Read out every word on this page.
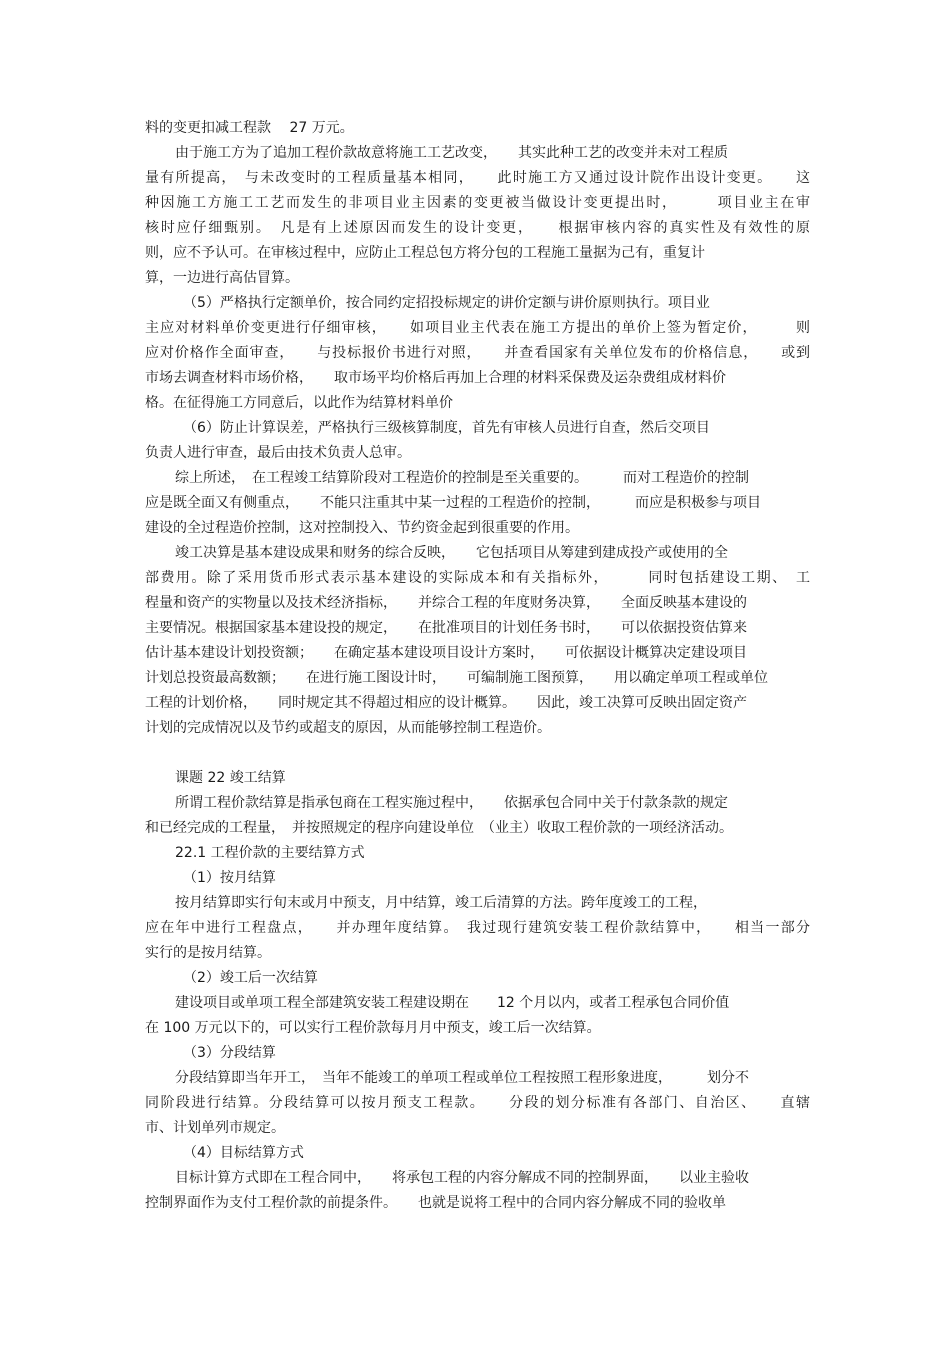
料的变更扣减工程款　 27 万元。
由于施工方为了追加工程价款故意将施工工艺改变，　　其实此种工艺的改变并未对工程质
量有所提高，　与未改变时的工程质量基本相同，　　此时施工方又通过设计院作出设计变更。　　这
种因施工方施工工艺而发生的非项目业主因素的变更被当做设计变更提出时，　　　项目业主在审
核时应仔细甄别。　凡是有上述原因而发生的设计变更，　　根据审核内容的真实性及有效性的原
则，应不予认可。在审核过程中，应防止工程总包方将分包的工程施工量据为己有，重复计
算，一边进行高估冒算。
（5）严格执行定额单价，按合同约定招投标规定的讲价定额与讲价原则执行。项目业
主应对材料单价变更进行仔细审核，　　如项目业主代表在施工方提出的单价上签为暂定价，　　　则
应对价格作全面审查，　　与投标报价书进行对照，　　并查看国家有关单位发布的价格信息，　　或到
市场去调查材料市场价格，　　取市场平均价格后再加上合理的材料采保费及运杂费组成材料价
格。在征得施工方同意后，以此作为结算材料单价
（6）防止计算误差，严格执行三级核算制度，首先有审核人员进行自查，然后交项目
负责人进行审查，最后由技术负责人总审。
综上所述，　在工程竣工结算阶段对工程造价的控制是至关重要的。　　　而对工程造价的控制
应是既全面又有侧重点，　　不能只注重其中某一过程的工程造价的控制，　　　而应是积极参与项目
建设的全过程造价控制，这对控制投入、节约资金起到很重要的作用。
竣工决算是基本建设成果和财务的综合反映，　　它包括项目从筹建到建成投产或使用的全
部费用。除了采用货币形式表示基本建设的实际成本和有关指标外，　　　同时包括建设工期、　工
程量和资产的实物量以及技术经济指标，　　并综合工程的年度财务决算，　　全面反映基本建设的
主要情况。根据国家基本建设投的规定，　　在批准项目的计划任务书时，　　可以依据投资估算来
估计基本建设计划投资额；　　在确定基本建设项目设计方案时，　　可依据设计概算决定建设项目
计划总投资最高数额；　　在进行施工图设计时，　　可编制施工图预算，　　用以确定单项工程或单位
工程的计划价格，　　同时规定其不得超过相应的设计概算。　　因此，竣工决算可反映出固定资产
计划的完成情况以及节约或超支的原因，从而能够控制工程造价。
课题 22 竣工结算
所谓工程价款结算是指承包商在工程实施过程中，　　依据承包合同中关于付款条款的规定
和已经完成的工程量，　并按照规定的程序向建设单位　（业主）收取工程价款的一项经济活动。
22.1 工程价款的主要结算方式
（1）按月结算
按月结算即实行旬末或月中预支，月中结算，竣工后清算的方法。跨年度竣工的工程，
应在年中进行工程盘点，　　并办理年度结算。　我过现行建筑安装工程价款结算中，　　相当一部分
实行的是按月结算。
（2）竣工后一次结算
建设项目或单项工程全部建筑安装工程建设期在　　12 个月以内，或者工程承包合同价值
在 100 万元以下的，可以实行工程价款每月月中预支，竣工后一次结算。
（3）分段结算
分段结算即当年开工，　当年不能竣工的单项工程或单位工程按照工程形象进度，　　　划分不
同阶段进行结算。分段结算可以按月预支工程款。　　分段的划分标准有各部门、自治区、　　直辖
市、计划单列市规定。
（4）目标结算方式
目标计算方式即在工程合同中，　　将承包工程的内容分解成不同的控制界面，　　以业主验收
控制界面作为支付工程价款的前提条件。　　也就是说将工程中的合同内容分解成不同的验收单
